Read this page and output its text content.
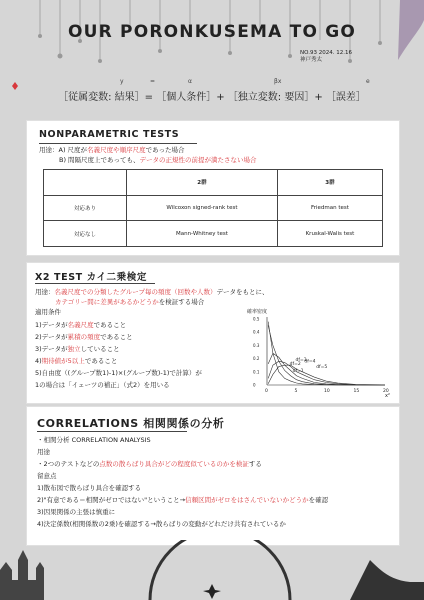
OUR PORONKUSEMA TO GO
NO.93 2024. 12.16
神戸秀太
y	=	α	βx	e
［従属変数: 結果］= ［個人条件］+ ［独立変数: 要因］+ ［誤差］
NONPARAMETRIC TESTS
用途：A) 尺度が名義尺度や順序尺度であった場合
B) 間隔尺度上であっても、データの正規性の前提が満たさない場合
	2群	3群
対応あり	Wilcoxon signed-rank test	Friedman test
対応なし	Mann-Whitney test	Kruskal-Walis test
X2 TEST カイ二乗検定
用途：名義尺度での分類したグループ毎の頻度（回数や人数）データをもとに、
カテゴリー間に差異があるかどうかを検証する場合
適用条件
1)データが名義尺度であること
2)データが累積の頻度であること
3)データが独立していること
4)期待値が5以上であること
5)自由度（(グループ数1)-1)×(グループ数)-1)で計算）が
1の場合は「イェーツの補正」（式2）を用いる
確率密度
x²
0	5	10	15	20
0
0.1
0.2
0.3
0.4
0.5
df=1
df=2
df=3
df=4
df=5
CORRELATIONS 相関関係の分析
・相関分析 CORRELATION ANALYSIS
用途
・2つのテストなどの点数の散らばり具合がどの程度似ているのかを検証する
留意点
1)散布図で散らばり具合を確認する
2)"有意である＝相関がゼロではない"ということ→信頼区間がゼロをはさんでいないかどうかを確認
3)因果関係の主張は慎重に
4)決定係数(相関係数の2乗)を確認する→散らばりの変動がどれだけ共有されているか
